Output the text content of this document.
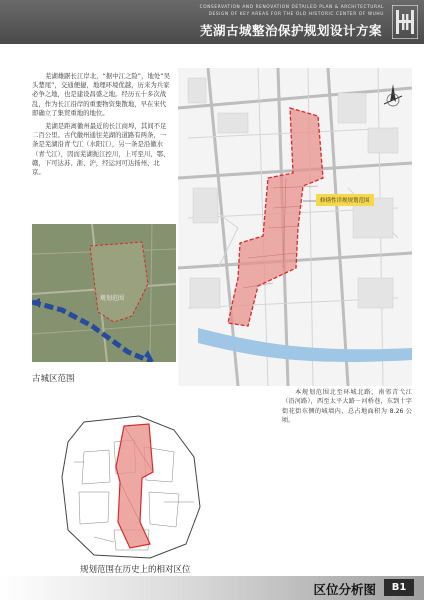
CONSERVATION AND RENOVATION DETAILED PLAN & ARCHITECTURAL
DESIGN OF KEY AREAS FOR THE OLD HISTORIC CENTER OF WUHU
芜湖古城整治保护规划设计方案

芜湖雄踞长江岸北，“据中江之险”，地处“吴头楚尾”，交通便捷，地理环境优越，历来为兵家必争之地，也是建设昌盛之地。经历五十多次战乱，作为长江沿岸的重要物资集散地，早在宋代即确立了集贸重地的地位。

芜湖是距离徽州最近的长江商埠，其间不足二百公里。古代徽州通往芜湖的道路有两条，一条是芜湖沿青弋江（水阳江），另一条是沿徽水（青弋江），因而芜湖扼江控川，上可至川、鄂、赣，下可达苏、浙、沪，经运河可达扬州、北京。

修缮性详规规划范围
规划范围
古城区范围
本规划范围北至环城北路、南邻青弋江（沿河路），西至太平大路－河桥巷，东到十字街花街东侧的城墙内，总占地面积为 8.26 公顷。
规划范围在历史上的相对区位
区位分析图	B1
